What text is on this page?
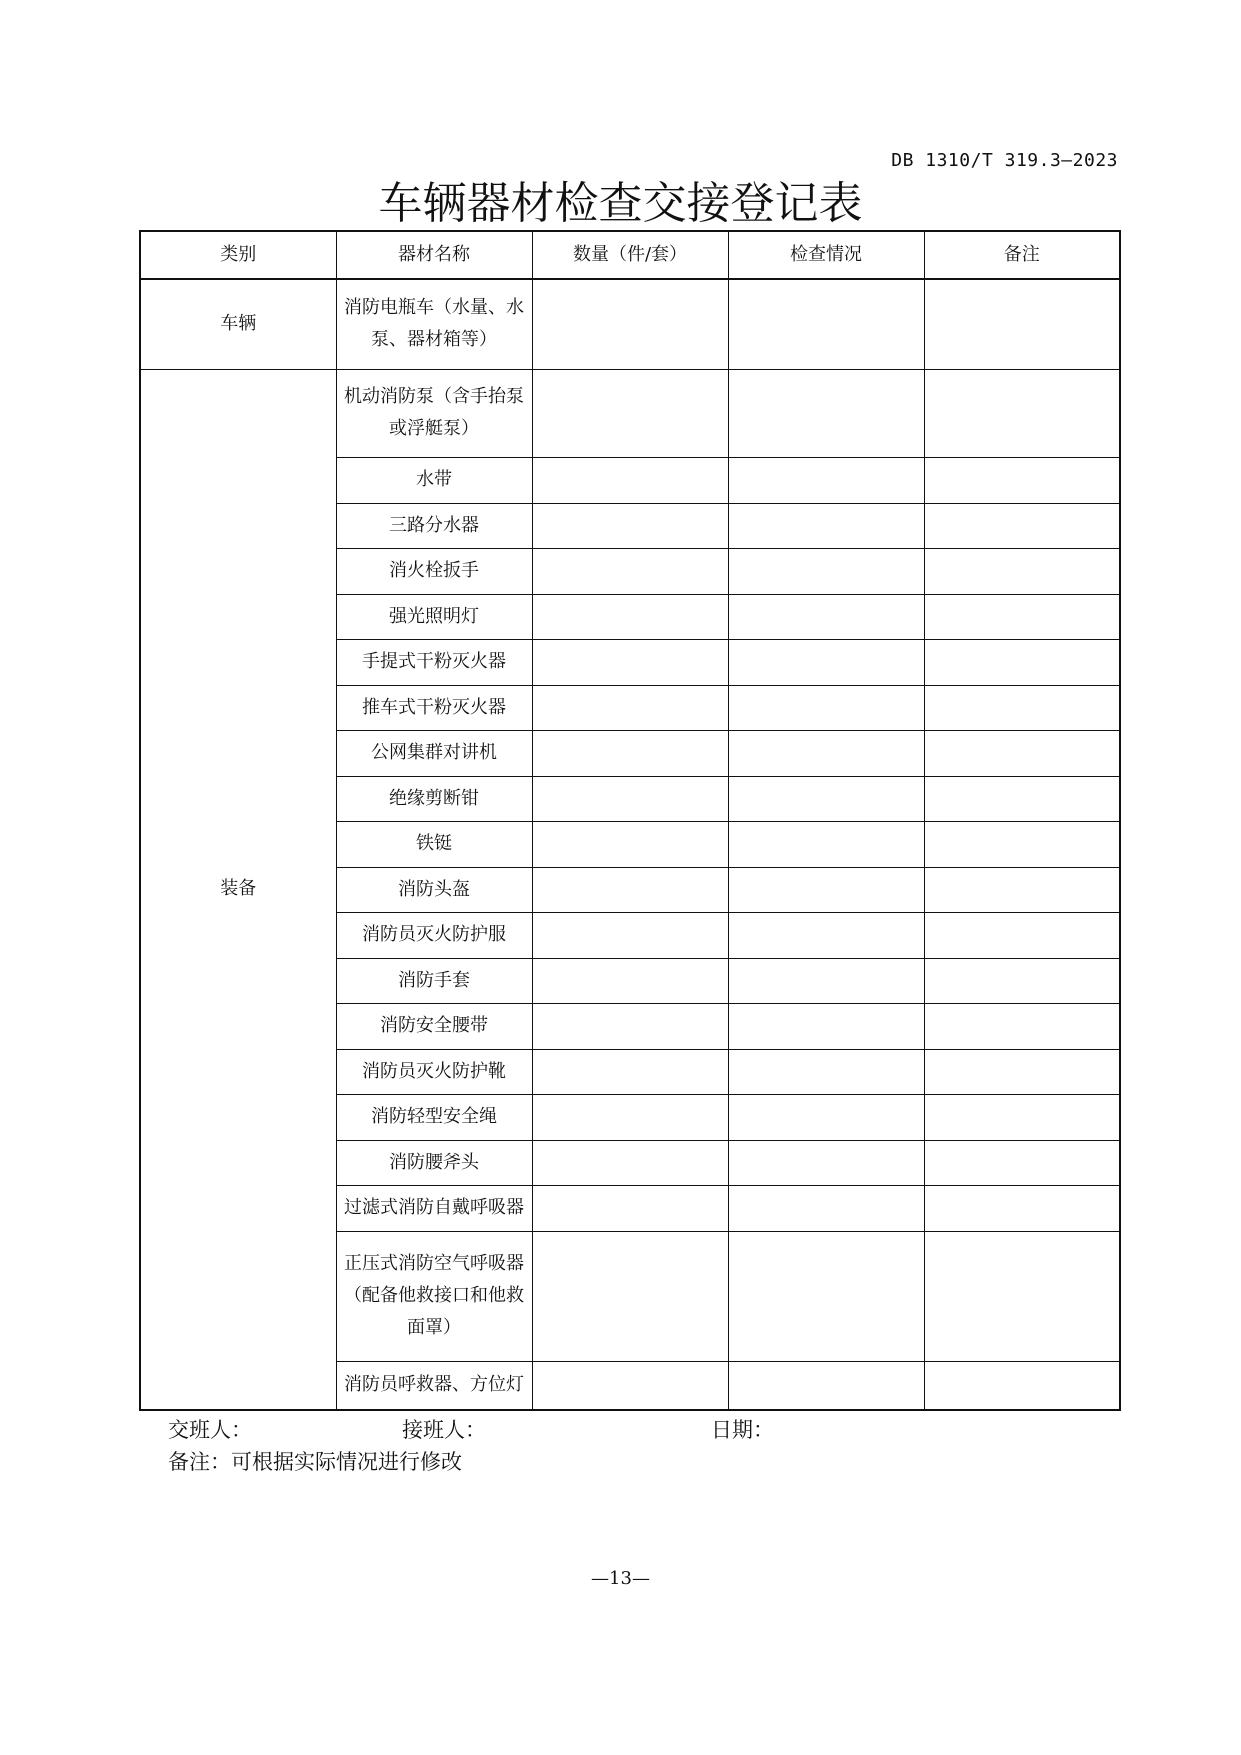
DB 1310/T 319.3—2023
车辆器材检查交接登记表
类别	器材名称	数量（件/套）	检查情况	备注
车辆	消防电瓶车（水量、水泵、器材箱等）			
装备	机动消防泵（含手抬泵或浮艇泵）			
	水带			
	三路分水器			
	消火栓扳手			
	强光照明灯			
	手提式干粉灭火器			
	推车式干粉灭火器			
	公网集群对讲机			
	绝缘剪断钳			
	铁铤			
	消防头盔			
	消防员灭火防护服			
	消防手套			
	消防安全腰带			
	消防员灭火防护靴			
	消防轻型安全绳			
	消防腰斧头			
	过滤式消防自戴呼吸器			
	正压式消防空气呼吸器（配备他救接口和他救面罩）			
	消防员呼救器、方位灯			
交班人：	接班人：	日期：
备注：可根据实际情况进行修改
—13—
